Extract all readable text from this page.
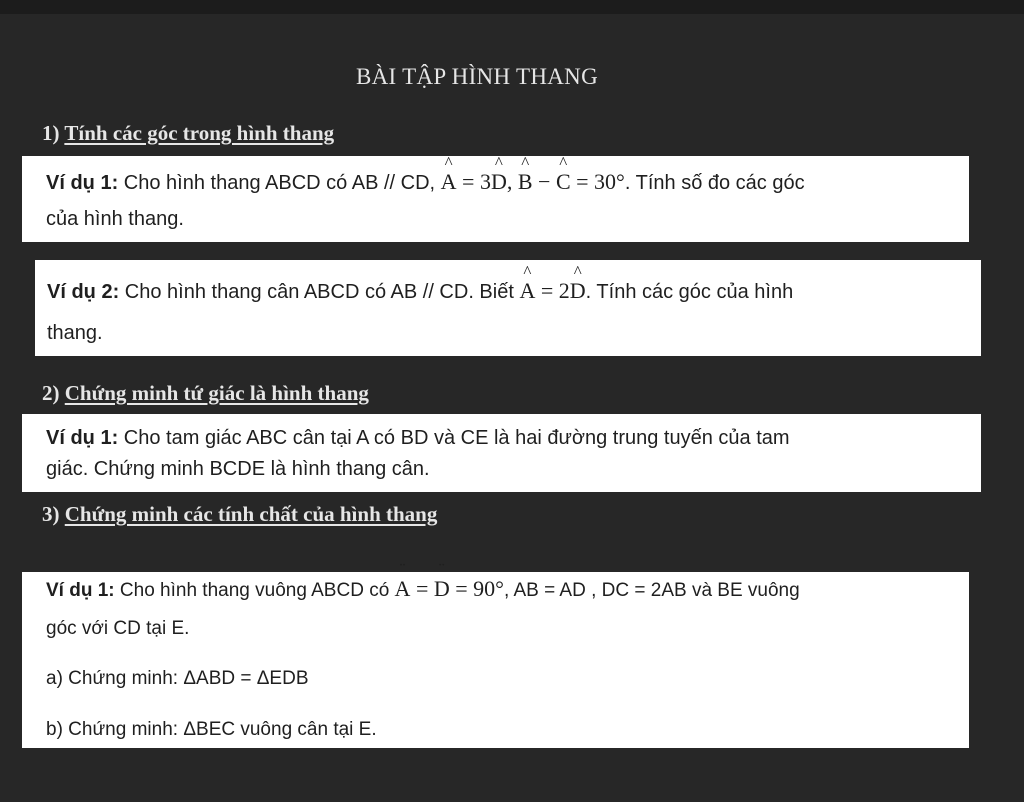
BÀI TẬP HÌNH THANG
1) Tính các góc trong hình thang
Ví dụ 1: Cho hình thang ABCD có AB // CD, ^ A = 3^ D, ^ B − ^ C = 30°. Tính số đo các góc
của hình thang.
Ví dụ 2: Cho hình thang cân ABCD có AB // CD. Biết ^ A = 2^ D. Tính các góc của hình
thang.
2) Chứng minh tứ giác là hình thang
Ví dụ 1: Cho tam giác ABC cân tại A có BD và CE là hai đường trung tuyến của tam
giác. Chứng minh BCDE là hình thang cân.
3) Chứng minh các tính chất của hình thang
Ví dụ 1: Cho hình thang vuông ABCD có ¨ A = ¨ D = 90°, AB = AD , DC = 2AB và BE vuông
góc với CD tại E.
a) Chứng minh: ΔABD = ΔEDB
b) Chứng minh: ΔBEC vuông cân tại E.
